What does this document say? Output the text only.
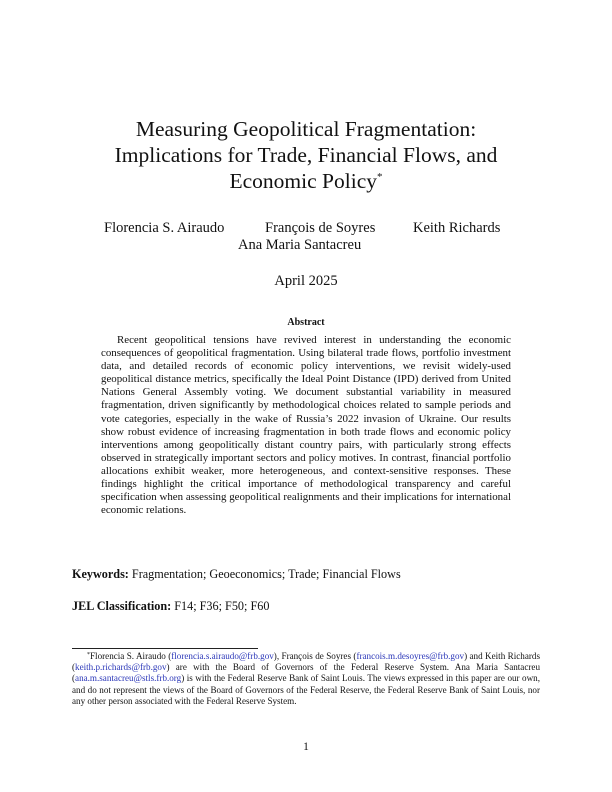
Measuring Geopolitical Fragmentation:
Implications for Trade, Financial Flows, and
Economic Policy*
Florencia S. Airaudo	François de Soyres	Keith Richards
Ana Maria Santacreu
April 2025
Abstract

Recent geopolitical tensions have revived interest in understanding the economic consequences of geopolitical fragmentation. Using bilateral trade flows, portfolio investment data, and detailed records of economic policy interventions, we revisit widely-used geopolitical distance metrics, specifically the Ideal Point Distance (IPD) derived from United Nations General Assembly voting. We document substantial variability in measured fragmentation, driven significantly by methodological choices related to sample periods and vote categories, especially in the wake of Russia’s 2022 invasion of Ukraine. Our results show robust evidence of increasing fragmentation in both trade flows and economic policy interventions among geopolitically distant country pairs, with particularly strong effects observed in strategically important sectors and policy motives. In contrast, financial portfolio allocations exhibit weaker, more heterogeneous, and context-sensitive responses. These findings highlight the critical importance of methodological transparency and careful specification when assessing geopolitical realignments and their implications for international economic relations.

Keywords: Fragmentation; Geoeconomics; Trade; Financial Flows
JEL Classification: F14; F36; F50; F60

*Florencia S. Airaudo (florencia.s.airaudo@frb.gov), François de Soyres (francois.m.desoyres@frb.gov) and Keith Richards (keith.p.richards@frb.gov) are with the Board of Governors of the Federal Reserve System. Ana Maria Santacreu (ana.m.santacreu@stls.frb.org) is with the Federal Reserve Bank of Saint Louis. The views expressed in this paper are our own, and do not represent the views of the Board of Governors of the Federal Reserve, the Federal Reserve Bank of Saint Louis, nor any other person associated with the Federal Reserve System.

1
